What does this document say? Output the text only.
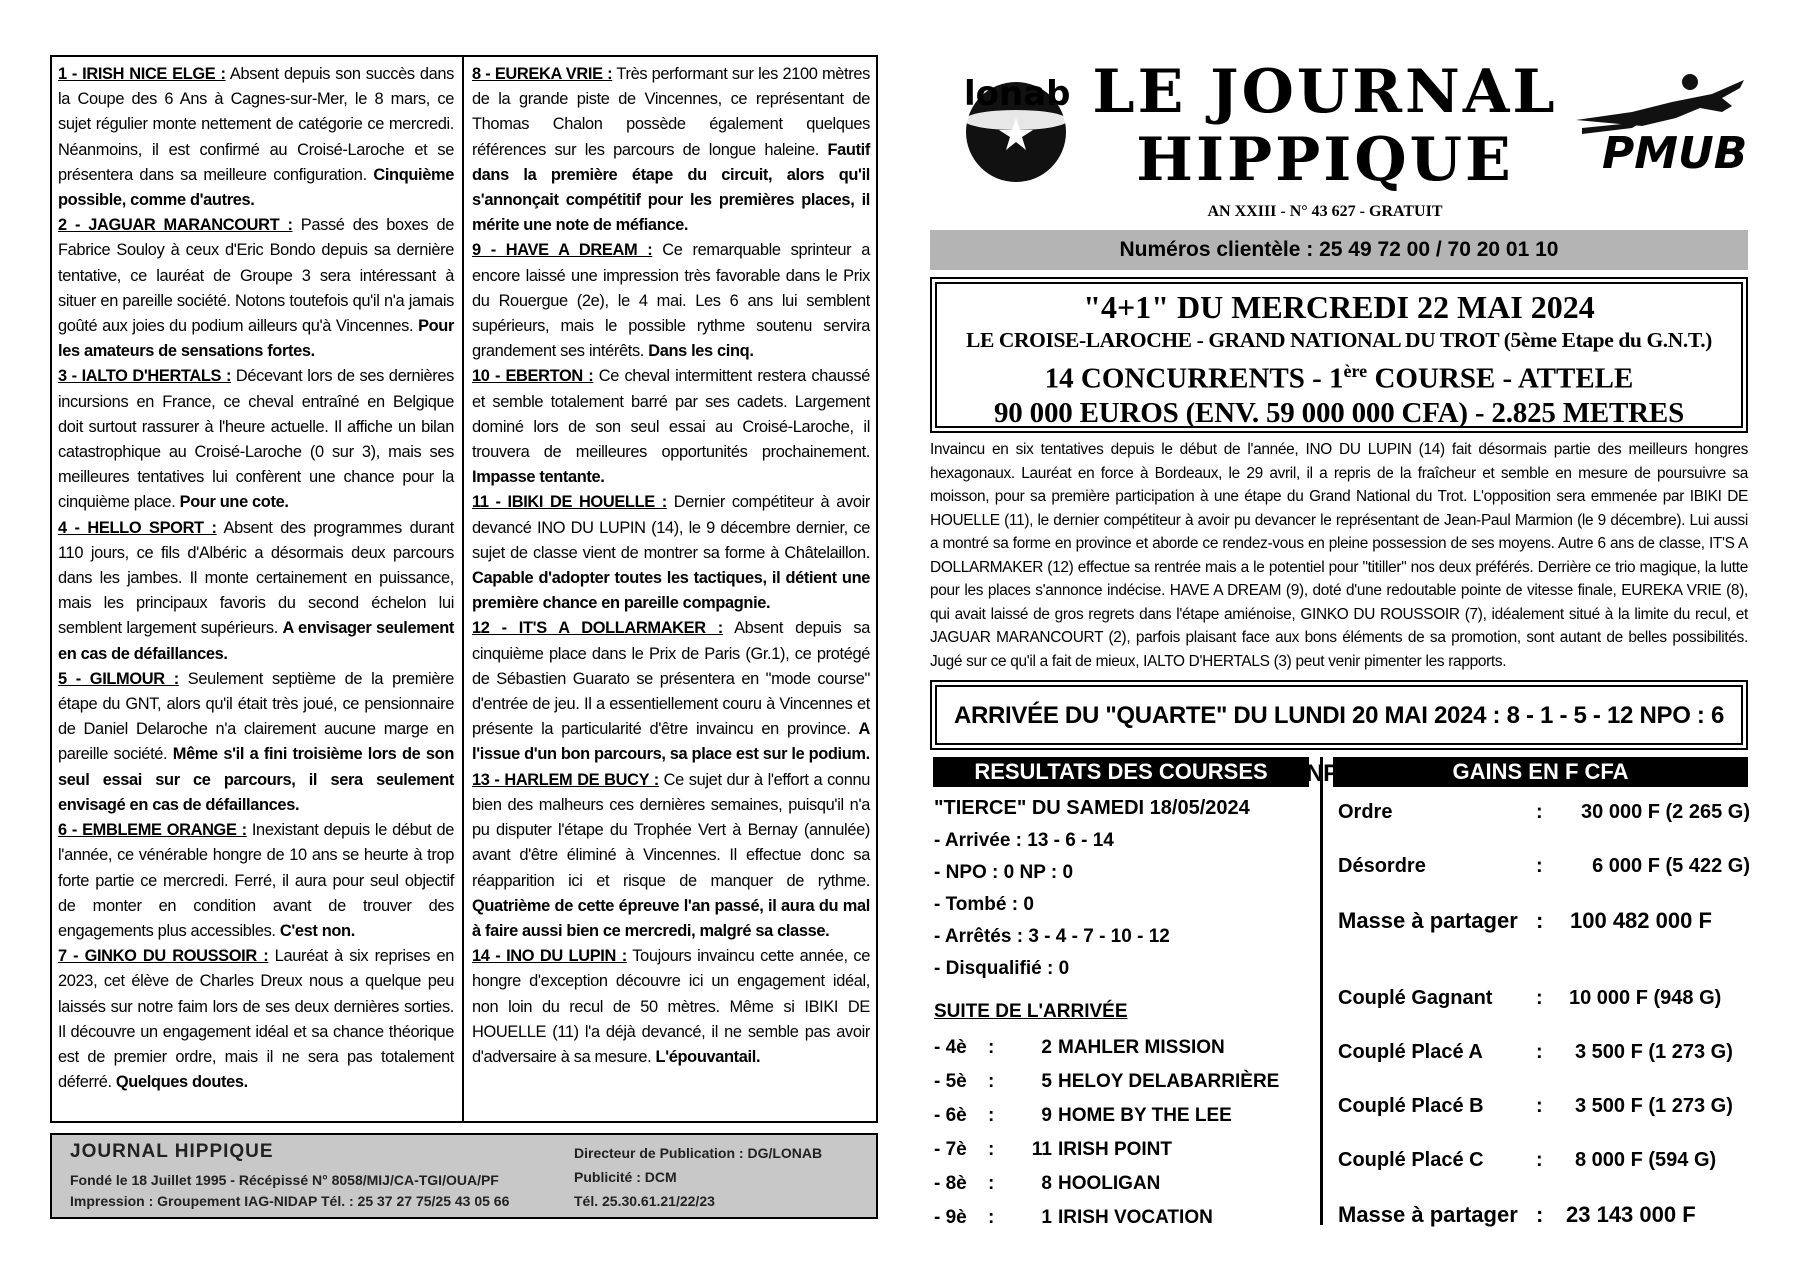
1 - IRISH NICE ELGE : Absent depuis son succès dans la Coupe des 6 Ans à Cagnes-sur-Mer, le 8 mars, ce sujet régulier monte nettement de catégorie ce mercredi. Néanmoins, il est confirmé au Croisé-Laroche et se présentera dans sa meilleure configuration. Cinquième possible, comme d'autres.

2 - JAGUAR MARANCOURT : Passé des boxes de Fabrice Souloy à ceux d'Eric Bondo depuis sa dernière tentative, ce lauréat de Groupe 3 sera intéressant à situer en pareille société. Notons toutefois qu'il n'a jamais goûté aux joies du podium ailleurs qu'à Vincennes. Pour les amateurs de sensations fortes.

3 - IALTO D'HERTALS : Décevant lors de ses dernières incursions en France, ce cheval entraîné en Belgique doit surtout rassurer à l'heure actuelle. Il affiche un bilan catastrophique au Croisé-Laroche (0 sur 3), mais ses meilleures tentatives lui confèrent une chance pour la cinquième place. Pour une cote.

4 - HELLO SPORT : Absent des programmes durant 110 jours, ce fils d'Albéric a désormais deux parcours dans les jambes. Il monte certainement en puissance, mais les principaux favoris du second échelon lui semblent largement supérieurs. A envisager seulement en cas de défaillances.

5 - GILMOUR : Seulement septième de la première étape du GNT, alors qu'il était très joué, ce pensionnaire de Daniel Delaroche n'a clairement aucune marge en pareille société. Même s'il a fini troisième lors de son seul essai sur ce parcours, il sera seulement envisagé en cas de défaillances.

6 - EMBLEME ORANGE : Inexistant depuis le début de l'année, ce vénérable hongre de 10 ans se heurte à trop forte partie ce mercredi. Ferré, il aura pour seul objectif de monter en condition avant de trouver des engagements plus accessibles. C'est non.

7 - GINKO DU ROUSSOIR : Lauréat à six reprises en 2023, cet élève de Charles Dreux nous a quelque peu laissés sur notre faim lors de ses deux dernières sorties. Il découvre un engagement idéal et sa chance théorique est de premier ordre, mais il ne sera pas totalement déferré. Quelques doutes.

8 - EUREKA VRIE : Très performant sur les 2100 mètres de la grande piste de Vincennes, ce représentant de Thomas Chalon possède également quelques références sur les parcours de longue haleine. Fautif dans la première étape du circuit, alors qu'il s'annonçait compétitif pour les premières places, il mérite une note de méfiance.

9 - HAVE A DREAM : Ce remarquable sprinteur a encore laissé une impression très favorable dans le Prix du Rouergue (2e), le 4 mai. Les 6 ans lui semblent supérieurs, mais le possible rythme soutenu servira grandement ses intérêts. Dans les cinq.

10 - EBERTON : Ce cheval intermittent restera chaussé et semble totalement barré par ses cadets. Largement dominé lors de son seul essai au Croisé-Laroche, il trouvera de meilleures opportunités prochainement. Impasse tentante.

11 - IBIKI DE HOUELLE : Dernier compétiteur à avoir devancé INO DU LUPIN (14), le 9 décembre dernier, ce sujet de classe vient de montrer sa forme à Châtelaillon. Capable d'adopter toutes les tactiques, il détient une première chance en pareille compagnie.

12 - IT'S A DOLLARMAKER : Absent depuis sa cinquième place dans le Prix de Paris (Gr.1), ce protégé de Sébastien Guarato se présentera en "mode course" d'entrée de jeu. Il a essentiellement couru à Vincennes et présente la particularité d'être invaincu en province. A l'issue d'un bon parcours, sa place est sur le podium.

13 - HARLEM DE BUCY : Ce sujet dur à l'effort a connu bien des malheurs ces dernières semaines, puisqu'il n'a pu disputer l'étape du Trophée Vert à Bernay (annulée) avant d'être éliminé à Vincennes. Il effectue donc sa réapparition ici et risque de manquer de rythme. Quatrième de cette épreuve l'an passé, il aura du mal à faire aussi bien ce mercredi, malgré sa classe.

14 - INO DU LUPIN : Toujours invaincu cette année, ce hongre d'exception découvre ici un engagement idéal, non loin du recul de 50 mètres. Même si IBIKI DE HOUELLE (11) l'a déjà devancé, il ne semble pas avoir d'adversaire à sa mesure. L'épouvantail.

JOURNAL HIPPIQUE
Fondé le 18 Juillet 1995 - Récépissé N° 8058/MIJ/CA-TGI/OUA/PF
Impression : Groupement IAG-NIDAP Tél. : 25 37 27 75/25 43 05 66
Directeur de Publication : DG/LONAB
Publicité : DCM
Tél. 25.30.61.21/22/23
lonab LE JOURNAL
HIPPIQUE
AN XXIII - N° 43 627 - GRATUIT
PMUB
Numéros clientèle : 25 49 72 00 / 70 20 01 10
"4+1" DU MERCREDI 22 MAI 2024
LE CROISE-LAROCHE - GRAND NATIONAL DU TROT (5ème Etape du G.N.T.)
14 CONCURRENTS - 1ère COURSE - ATTELE
90 000 EUROS (ENV. 59 000 000 CFA) - 2.825 METRES
Invaincu en six tentatives depuis le début de l'année, INO DU LUPIN (14) fait désormais partie des meilleurs hongres hexagonaux. Lauréat en force à Bordeaux, le 29 avril, il a repris de la fraîcheur et semble en mesure de poursuivre sa moisson, pour sa première participation à une étape du Grand National du Trot. L'opposition sera emmenée par IBIKI DE HOUELLE (11), le dernier compétiteur à avoir pu devancer le représentant de Jean-Paul Marmion (le 9 décembre). Lui aussi a montré sa forme en province et aborde ce rendez-vous en pleine possession de ses moyens. Autre 6 ans de classe, IT'S A DOLLARMAKER (12) effectue sa rentrée mais a le potentiel pour "titiller" nos deux préférés. Derrière ce trio magique, la lutte pour les places s'annonce indécise. HAVE A DREAM (9), doté d'une redoutable pointe de vitesse finale, EUREKA VRIE (8), qui avait laissé de gros regrets dans l'étape amiénoise, GINKO DU ROUSSOIR (7), idéalement situé à la limite du recul, et JAGUAR MARANCOURT (2), parfois plaisant face aux bons éléments de sa promotion, sont autant de belles possibilités. Jugé sur ce qu'il a fait de mieux, IALTO D'HERTALS (3) peut venir pimenter les rapports.
ARRIVÉE DU "QUARTE" DU LUNDI 20 MAI 2024 : 8 - 1 - 5 - 12 NPO : 6
RESULTATS DES COURSES	GAINS EN F CFA
"TIERCE" DU SAMEDI 18/05/2024
- Arrivée : 13 - 6 - 14
- NPO : 0 NP : 0
- Tombé : 0
- Arrêtés : 3 - 4 - 7 - 10 - 12
- Disqualifié : 0
SUITE DE L'ARRIVÉE
- 4è :	2 MAHLER MISSION
- 5è :	5 HELOY DELABARRIÈRE
- 6è :	9 HOME BY THE LEE
- 7è :	11 IRISH POINT
- 8è :	8 HOOLIGAN
- 9è :	1 IRISH VOCATION
Ordre	: 30 000 F (2 265 G)
Désordre	: 6 000 F (5 422 G)
Masse à partager : 100 482 000 F
Couplé Gagnant : 10 000 F (948 G)
Couplé Placé A	: 3 500 F (1 273 G)
Couplé Placé B	: 3 500 F (1 273 G)
Couplé Placé C	: 8 000 F (594 G)
Masse à partager : 23 143 000 F
